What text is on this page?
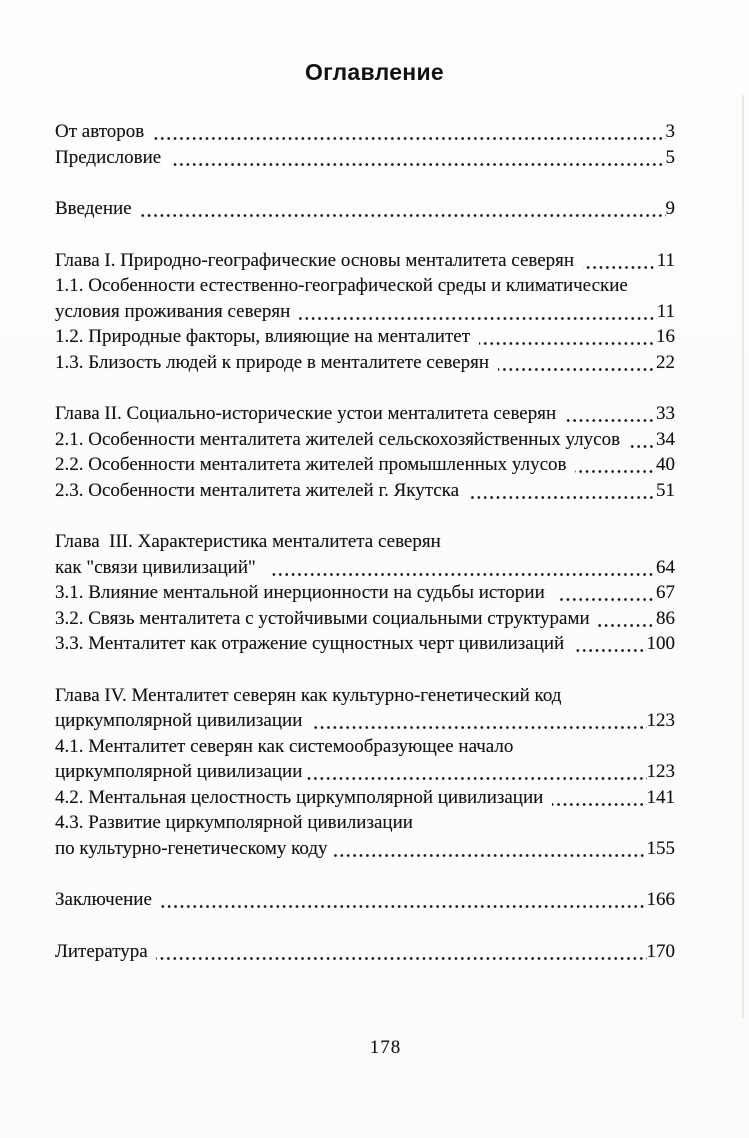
Оглавление
От авторов	3
Предисловие	5
Введение	9
Глава I. Природно-географические основы менталитета северян	11
1.1. Особенности естественно-географической среды и климатические
условия проживания северян	11
1.2. Природные факторы, влияющие на менталитет	16
1.3. Близость людей к природе в менталитете северян	22
Глава II. Социально-исторические устои менталитета северян	33
2.1. Особенности менталитета жителей сельскохозяйственных улусов 34
2.2. Особенности менталитета жителей промышленных улусов	40
2.3. Особенности менталитета жителей г. Якутска	51
Глава  III. Характеристика менталитета северян
как "связи цивилизаций"	64
3.1. Влияние ментальной инерционности на судьбы истории	67
3.2. Связь менталитета с устойчивыми социальными структурами	86
3.3. Менталитет как отражение сущностных черт цивилизаций	100
Глава IV. Менталитет северян как культурно-генетический код
циркумполярной цивилизации	123
4.1. Менталитет северян как системообразующее начало
циркумполярной цивилизации	123
4.2. Ментальная целостность циркумполярной цивилизации	141
4.3. Развитие циркумполярной цивилизации
по культурно-генетическому коду	155
Заключение	166
Литература	170
178
